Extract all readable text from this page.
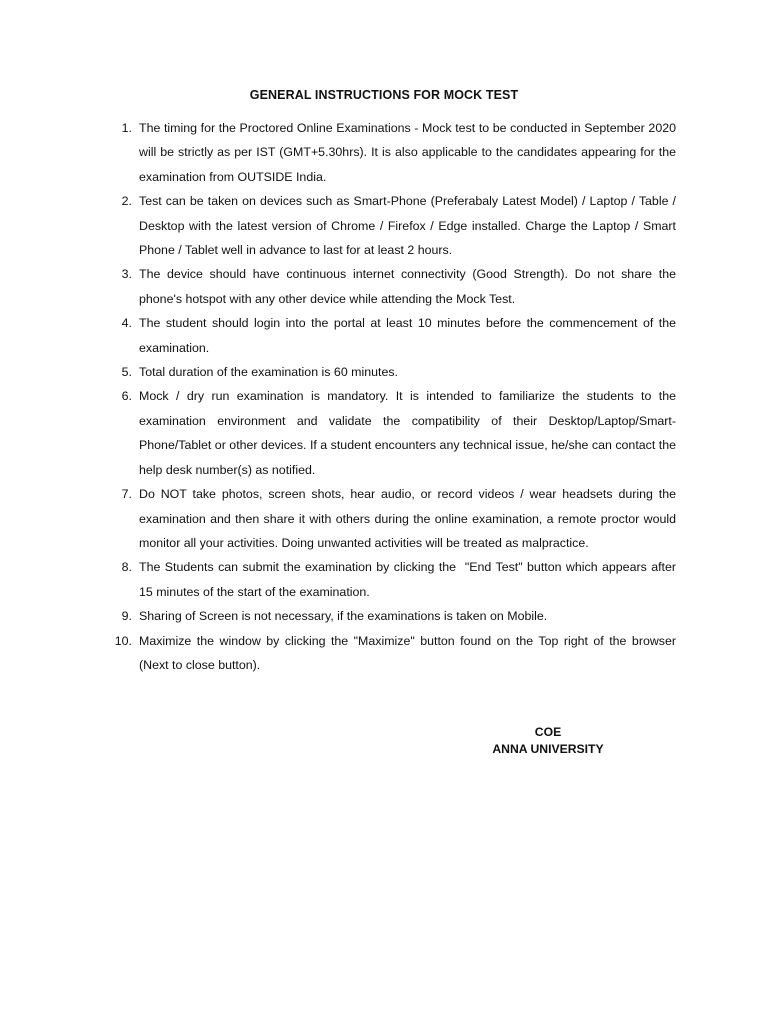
GENERAL INSTRUCTIONS FOR MOCK TEST
1. The timing for the Proctored Online Examinations - Mock test to be conducted in September 2020 will be strictly as per IST (GMT+5.30hrs). It is also applicable to the candidates appearing for the examination from OUTSIDE India.
2. Test can be taken on devices such as Smart-Phone (Preferabaly Latest Model) / Laptop / Table / Desktop with the latest version of Chrome / Firefox / Edge installed. Charge the Laptop / Smart Phone / Tablet well in advance to last for at least 2 hours.
3. The device should have continuous internet connectivity (Good Strength). Do not share the phone's hotspot with any other device while attending the Mock Test.
4. The student should login into the portal at least 10 minutes before the commencement of the examination.
5. Total duration of the examination is 60 minutes.
6. Mock / dry run examination is mandatory. It is intended to familiarize the students to the examination environment and validate the compatibility of their Desktop/Laptop/Smart-Phone/Tablet or other devices. If a student encounters any technical issue, he/she can contact the help desk number(s) as notified.
7. Do NOT take photos, screen shots, hear audio, or record videos / wear headsets during the examination and then share it with others during the online examination, a remote proctor would monitor all your activities. Doing unwanted activities will be treated as malpractice.
8. The Students can submit the examination by clicking the  "End Test" button which appears after 15 minutes of the start of the examination.
9. Sharing of Screen is not necessary, if the examinations is taken on Mobile.
10. Maximize the window by clicking the "Maximize" button found on the Top right of the browser (Next to close button).
COE
ANNA UNIVERSITY
